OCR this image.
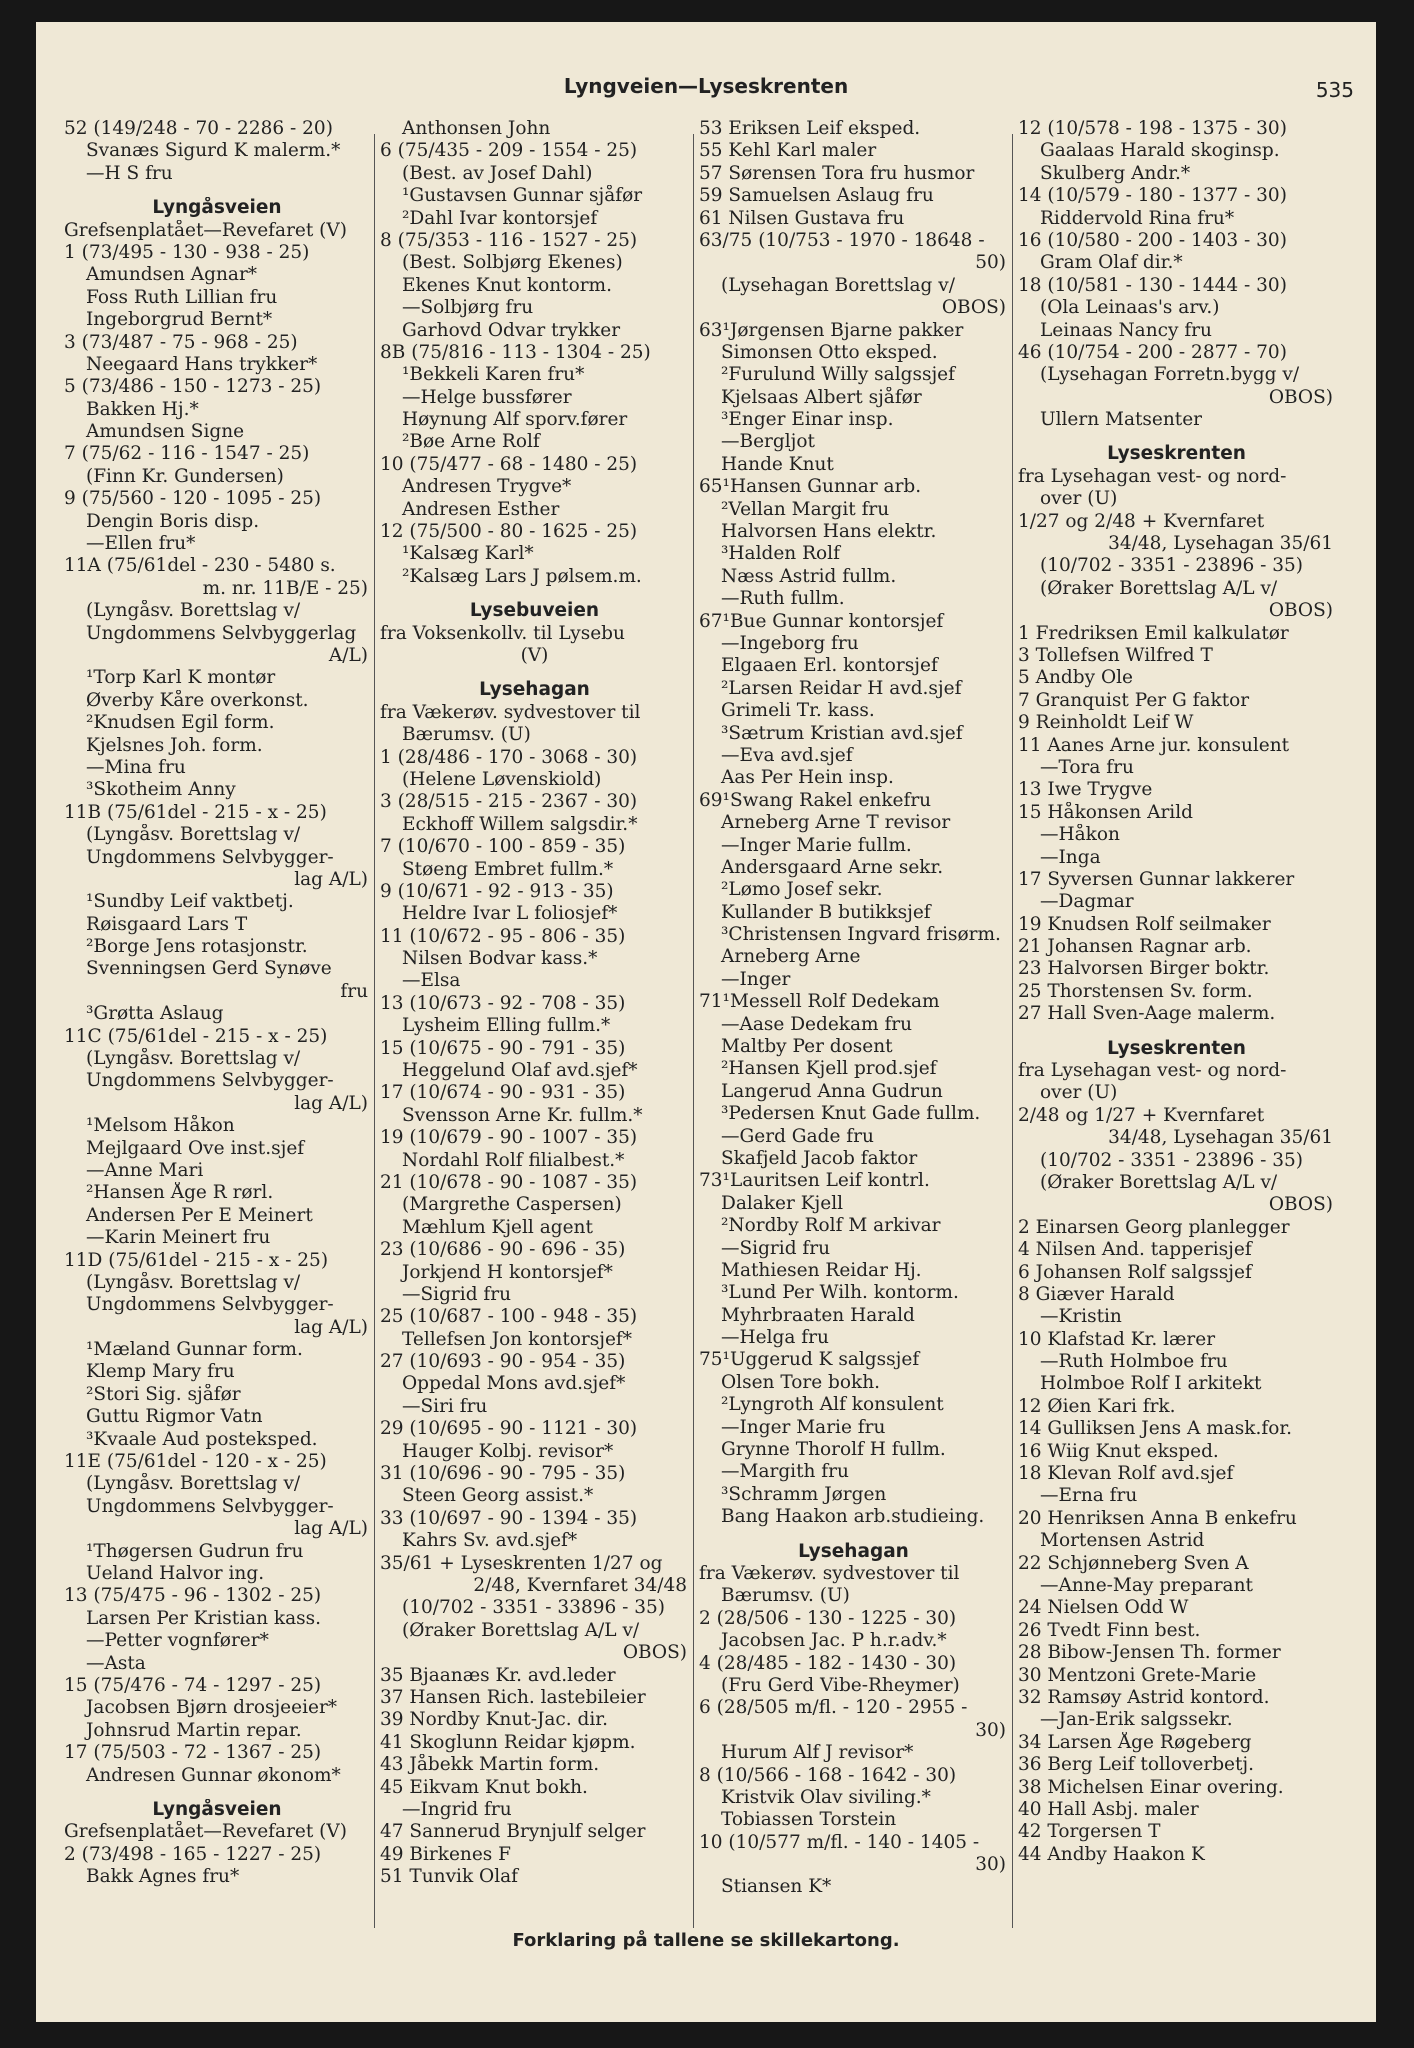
Lyngveien—Lyseskrenten	535
52 (149/248 - 70 - 2286 - 20)
Svanæs Sigurd K malerm.*
—H S fru
Lyngåsveien
Grefsenplatået—Revefaret (V)
1 (73/495 - 130 - 938 - 25)
Amundsen Agnar*
Foss Ruth Lillian fru
Ingeborgrud Bernt*
3 (73/487 - 75 - 968 - 25)
Neegaard Hans trykker*
5 (73/486 - 150 - 1273 - 25)
Bakken Hj.*
Amundsen Signe
7 (75/62 - 116 - 1547 - 25)
(Finn Kr. Gundersen)
9 (75/560 - 120 - 1095 - 25)
Dengin Boris disp.
—Ellen fru*
11A (75/61del - 230 - 5480 s.
m. nr. 11B/E - 25)
(Lyngåsv. Borettslag v/
Ungdommens Selvbyggerlag
A/L)
¹Torp Karl K montør
Øverby Kåre overkonst.
²Knudsen Egil form.
Kjelsnes Joh. form.
—Mina fru
³Skotheim Anny
11B (75/61del - 215 - x - 25)
(Lyngåsv. Borettslag v/
Ungdommens Selvbygger-
lag A/L)
¹Sundby Leif vaktbetj.
Røisgaard Lars T
²Borge Jens rotasjonstr.
Svenningsen Gerd Synøve
fru
³Grøtta Aslaug
11C (75/61del - 215 - x - 25)
(Lyngåsv. Borettslag v/
Ungdommens Selvbygger-
lag A/L)
¹Melsom Håkon
Mejlgaard Ove inst.sjef
—Anne Mari
²Hansen Åge R rørl.
Andersen Per E Meinert
—Karin Meinert fru
11D (75/61del - 215 - x - 25)
(Lyngåsv. Borettslag v/
Ungdommens Selvbygger-
lag A/L)
¹Mæland Gunnar form.
Klemp Mary fru
²Stori Sig. sjåfør
Guttu Rigmor Vatn
³Kvaale Aud posteksped.
11E (75/61del - 120 - x - 25)
(Lyngåsv. Borettslag v/
Ungdommens Selvbygger-
lag A/L)
¹Thøgersen Gudrun fru
Ueland Halvor ing.
13 (75/475 - 96 - 1302 - 25)
Larsen Per Kristian kass.
—Petter vognfører*
—Asta
15 (75/476 - 74 - 1297 - 25)
Jacobsen Bjørn drosjeeier*
Johnsrud Martin repar.
17 (75/503 - 72 - 1367 - 25)
Andresen Gunnar økonom*
Lyngåsveien
Grefsenplatået—Revefaret (V)
2 (73/498 - 165 - 1227 - 25)
Bakk Agnes fru*
Anthonsen John
6 (75/435 - 209 - 1554 - 25)
(Best. av Josef Dahl)
¹Gustavsen Gunnar sjåfør
²Dahl Ivar kontorsjef
8 (75/353 - 116 - 1527 - 25)
(Best. Solbjørg Ekenes)
Ekenes Knut kontorm.
—Solbjørg fru
Garhovd Odvar trykker
8B (75/816 - 113 - 1304 - 25)
¹Bekkeli Karen fru*
—Helge bussfører
Høynung Alf sporv.fører
²Bøe Arne Rolf
10 (75/477 - 68 - 1480 - 25)
Andresen Trygve*
Andresen Esther
12 (75/500 - 80 - 1625 - 25)
¹Kalsæg Karl*
²Kalsæg Lars J pølsem.m.
Lysebuveien
fra Voksenkollv. til Lysebu
(V)
Lysehagan
fra Vækerøv. sydvestover til
Bærumsv. (U)
1 (28/486 - 170 - 3068 - 30)
(Helene Løvenskiold)
3 (28/515 - 215 - 2367 - 30)
Eckhoff Willem salgsdir.*
7 (10/670 - 100 - 859 - 35)
Støeng Embret fullm.*
9 (10/671 - 92 - 913 - 35)
Heldre Ivar L foliosjef*
11 (10/672 - 95 - 806 - 35)
Nilsen Bodvar kass.*
—Elsa
13 (10/673 - 92 - 708 - 35)
Lysheim Elling fullm.*
15 (10/675 - 90 - 791 - 35)
Heggelund Olaf avd.sjef*
17 (10/674 - 90 - 931 - 35)
Svensson Arne Kr. fullm.*
19 (10/679 - 90 - 1007 - 35)
Nordahl Rolf filialbest.*
21 (10/678 - 90 - 1087 - 35)
(Margrethe Caspersen)
Mæhlum Kjell agent
23 (10/686 - 90 - 696 - 35)
Jorkjend H kontorsjef*
—Sigrid fru
25 (10/687 - 100 - 948 - 35)
Tellefsen Jon kontorsjef*
27 (10/693 - 90 - 954 - 35)
Oppedal Mons avd.sjef*
—Siri fru
29 (10/695 - 90 - 1121 - 30)
Hauger Kolbj. revisor*
31 (10/696 - 90 - 795 - 35)
Steen Georg assist.*
33 (10/697 - 90 - 1394 - 35)
Kahrs Sv. avd.sjef*
35/61 + Lyseskrenten 1/27 og
2/48, Kvernfaret 34/48
(10/702 - 3351 - 33896 - 35)
(Øraker Borettslag A/L v/
OBOS)
35 Bjaanæs Kr. avd.leder
37 Hansen Rich. lastebileier
39 Nordby Knut-Jac. dir.
41 Skoglunn Reidar kjøpm.
43 Jåbekk Martin form.
45 Eikvam Knut bokh.
—Ingrid fru
47 Sannerud Brynjulf selger
49 Birkenes F
51 Tunvik Olaf
53 Eriksen Leif eksped.
55 Kehl Karl maler
57 Sørensen Tora fru husmor
59 Samuelsen Aslaug fru
61 Nilsen Gustava fru
63/75 (10/753 - 1970 - 18648 -
50)
(Lysehagan Borettslag v/
OBOS)
63¹Jørgensen Bjarne pakker
Simonsen Otto eksped.
²Furulund Willy salgssjef
Kjelsaas Albert sjåfør
³Enger Einar insp.
—Bergljot
Hande Knut
65¹Hansen Gunnar arb.
²Vellan Margit fru
Halvorsen Hans elektr.
³Halden Rolf
Næss Astrid fullm.
—Ruth fullm.
67¹Bue Gunnar kontorsjef
—Ingeborg fru
Elgaaen Erl. kontorsjef
²Larsen Reidar H avd.sjef
Grimeli Tr. kass.
³Sætrum Kristian avd.sjef
—Eva avd.sjef
Aas Per Hein insp.
69¹Swang Rakel enkefru
Arneberg Arne T revisor
—Inger Marie fullm.
Andersgaard Arne sekr.
²Lømo Josef sekr.
Kullander B butikksjef
³Christensen Ingvard frisørm.
Arneberg Arne
—Inger
71¹Messell Rolf Dedekam
—Aase Dedekam fru
Maltby Per dosent
²Hansen Kjell prod.sjef
Langerud Anna Gudrun
³Pedersen Knut Gade fullm.
—Gerd Gade fru
Skafjeld Jacob faktor
73¹Lauritsen Leif kontrl.
Dalaker Kjell
²Nordby Rolf M arkivar
—Sigrid fru
Mathiesen Reidar Hj.
³Lund Per Wilh. kontorm.
Myhrbraaten Harald
—Helga fru
75¹Uggerud K salgssjef
Olsen Tore bokh.
²Lyngroth Alf konsulent
—Inger Marie fru
Grynne Thorolf H fullm.
—Margith fru
³Schramm Jørgen
Bang Haakon arb.studieing.
Lysehagan
fra Vækerøv. sydvestover til
Bærumsv. (U)
2 (28/506 - 130 - 1225 - 30)
Jacobsen Jac. P h.r.adv.*
4 (28/485 - 182 - 1430 - 30)
(Fru Gerd Vibe-Rheymer)
6 (28/505 m/fl. - 120 - 2955 -
30)
Hurum Alf J revisor*
8 (10/566 - 168 - 1642 - 30)
Kristvik Olav siviling.*
Tobiassen Torstein
10 (10/577 m/fl. - 140 - 1405 -
30)
Stiansen K*
12 (10/578 - 198 - 1375 - 30)
Gaalaas Harald skoginsp.
Skulberg Andr.*
14 (10/579 - 180 - 1377 - 30)
Riddervold Rina fru*
16 (10/580 - 200 - 1403 - 30)
Gram Olaf dir.*
18 (10/581 - 130 - 1444 - 30)
(Ola Leinaas's arv.)
Leinaas Nancy fru
46 (10/754 - 200 - 2877 - 70)
(Lysehagan Forretn.bygg v/
OBOS)
Ullern Matsenter
Lyseskrenten
fra Lysehagan vest- og nord-
over (U)
1/27 og 2/48 + Kvernfaret
34/48, Lysehagan 35/61
(10/702 - 3351 - 23896 - 35)
(Øraker Borettslag A/L v/
OBOS)
1 Fredriksen Emil kalkulatør
3 Tollefsen Wilfred T
5 Andby Ole
7 Granquist Per G faktor
9 Reinholdt Leif W
11 Aanes Arne jur. konsulent
—Tora fru
13 Iwe Trygve
15 Håkonsen Arild
—Håkon
—Inga
17 Syversen Gunnar lakkerer
—Dagmar
19 Knudsen Rolf seilmaker
21 Johansen Ragnar arb.
23 Halvorsen Birger boktr.
25 Thorstensen Sv. form.
27 Hall Sven-Aage malerm.
Lyseskrenten
fra Lysehagan vest- og nord-
over (U)
2/48 og 1/27 + Kvernfaret
34/48, Lysehagan 35/61
(10/702 - 3351 - 23896 - 35)
(Øraker Borettslag A/L v/
OBOS)
2 Einarsen Georg planlegger
4 Nilsen And. tapperisjef
6 Johansen Rolf salgssjef
8 Giæver Harald
—Kristin
10 Klafstad Kr. lærer
—Ruth Holmboe fru
Holmboe Rolf I arkitekt
12 Øien Kari frk.
14 Gulliksen Jens A mask.for.
16 Wiig Knut eksped.
18 Klevan Rolf avd.sjef
—Erna fru
20 Henriksen Anna B enkefru
Mortensen Astrid
22 Schjønneberg Sven A
—Anne-May preparant
24 Nielsen Odd W
26 Tvedt Finn best.
28 Bibow-Jensen Th. former
30 Mentzoni Grete-Marie
32 Ramsøy Astrid kontord.
—Jan-Erik salgssekr.
34 Larsen Åge Røgeberg
36 Berg Leif tolloverbetj.
38 Michelsen Einar overing.
40 Hall Asbj. maler
42 Torgersen T
44 Andby Haakon K
Forklaring på tallene se skillekartong.
